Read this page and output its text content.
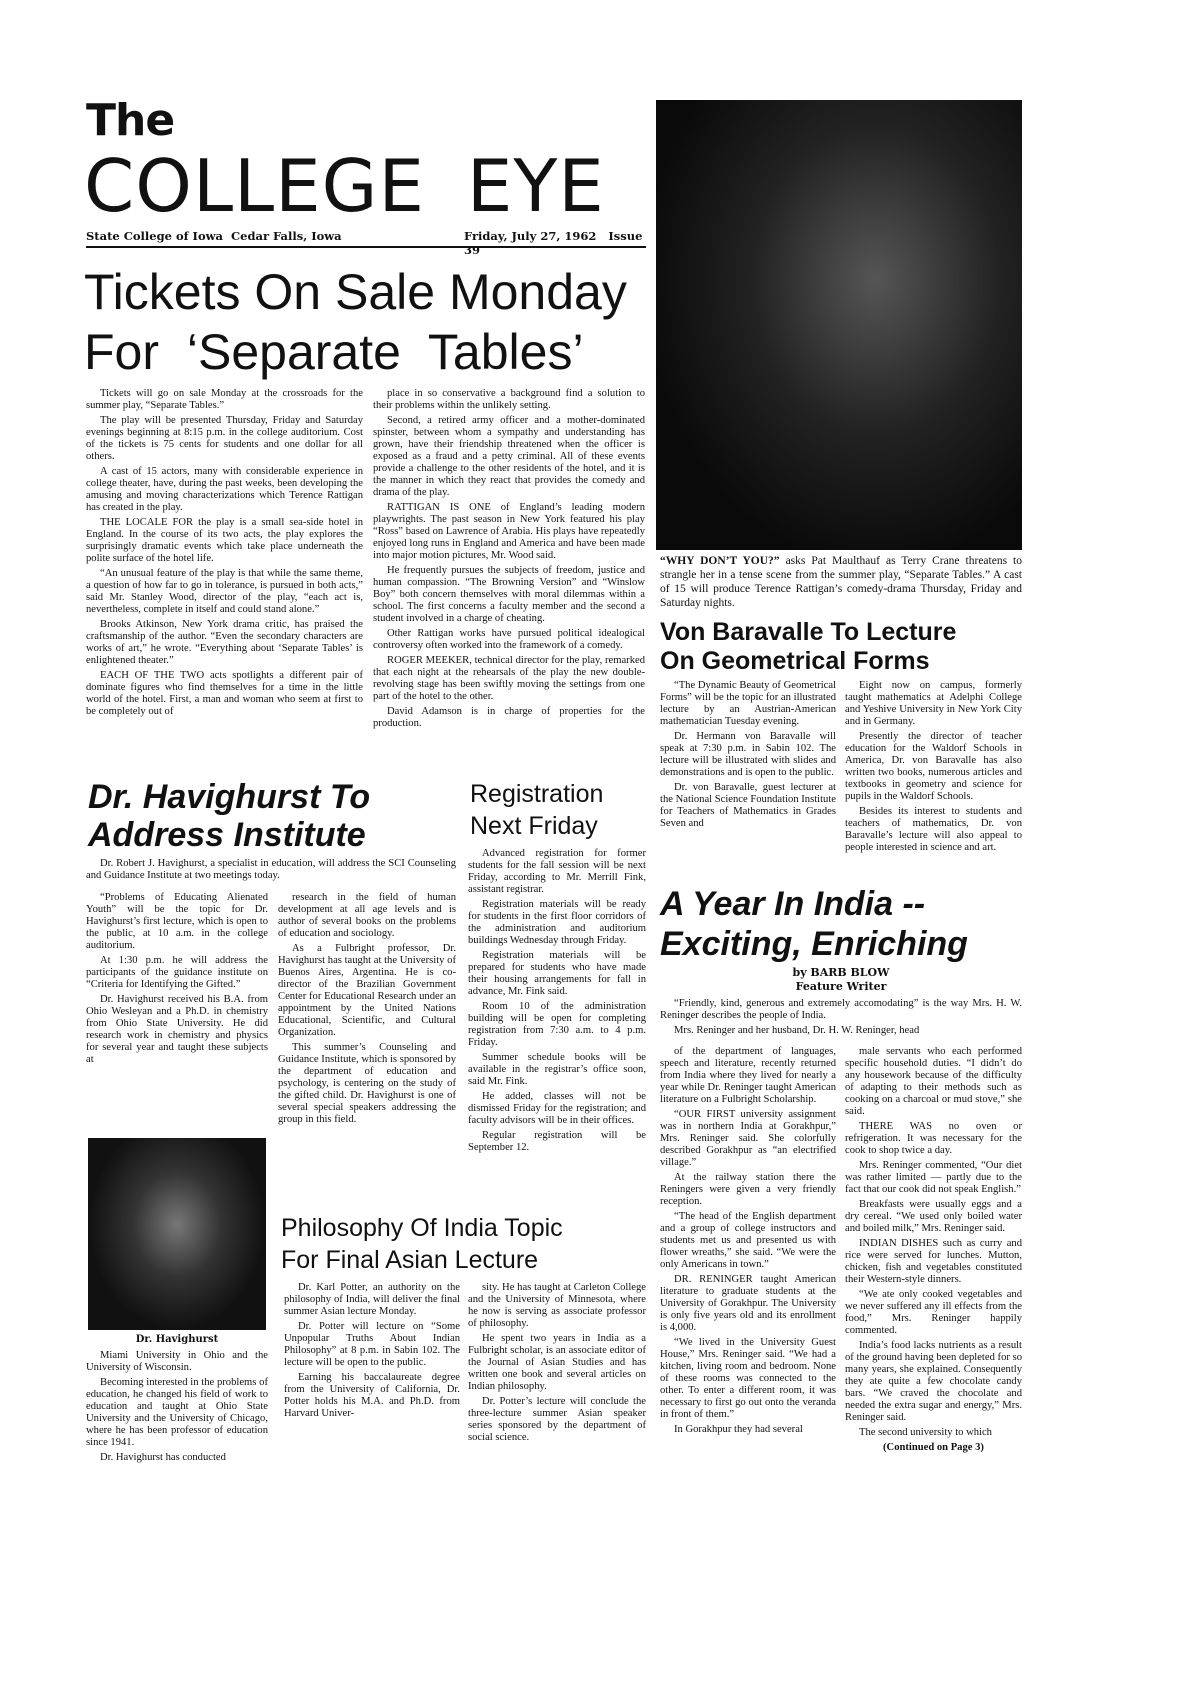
The
COLLEGE EYE
State College of Iowa Cedar Falls, Iowa	Friday, July 27, 1962 Issue 39
Tickets On Sale Monday
For ‘Separate Tables’

Tickets will go on sale Monday at the crossroads for the summer play, “Separate Tables.”

The play will be presented Thursday, Friday and Saturday evenings beginning at 8:15 p.m. in the college auditorium. Cost of the tickets is 75 cents for students and one dollar for all others.

A cast of 15 actors, many with considerable experience in college theater, have, during the past weeks, been developing the amusing and moving characterizations which Terence Rattigan has created in the play.

THE LOCALE FOR the play is a small sea-side hotel in England. In the course of its two acts, the play explores the surprisingly dramatic events which take place underneath the polite surface of the hotel life.

“An unusual feature of the play is that while the same theme, a question of how far to go in tolerance, is pursued in both acts,” said Mr. Stanley Wood, director of the play, “each act is, nevertheless, complete in itself and could stand alone.”

Brooks Atkinson, New York drama critic, has praised the craftsmanship of the author. “Even the secondary characters are works of art,” he wrote. “Everything about ‘Separate Tables’ is enlightened theater.”

EACH OF THE TWO acts spotlights a different pair of dominate figures who find themselves for a time in the little world of the hotel. First, a man and woman who seem at first to be completely out of

place in so conservative a background find a solution to their problems within the unlikely setting.

Second, a retired army officer and a mother-dominated spinster, between whom a sympathy and understanding has grown, have their friendship threatened when the officer is exposed as a fraud and a petty criminal. All of these events provide a challenge to the other residents of the hotel, and it is the manner in which they react that provides the comedy and drama of the play.

RATTIGAN IS ONE of England’s leading modern playwrights. The past season in New York featured his play “Ross” based on Lawrence of Arabia. His plays have repeatedly enjoyed long runs in England and America and have been made into major motion pictures, Mr. Wood said.

He frequently pursues the subjects of freedom, justice and human compassion. “The Browning Version” and “Winslow Boy” both concern themselves with moral dilemmas within a school. The first concerns a faculty member and the second a student involved in a charge of cheating.

Other Rattigan works have pursued political idealogical controversy often worked into the framework of a comedy.

ROGER MEEKER, technical director for the play, remarked that each night at the rehearsals of the play the new double-revolving stage has been swiftly moving the settings from one part of the hotel to the other.

David Adamson is in charge of properties for the production.

“WHY DON’T YOU?” asks Pat Maulthauf as Terry Crane threatens to strangle her in a tense scene from the summer play, “Separate Tables.” A cast of 15 will produce Terence Rattigan’s comedy-drama Thursday, Friday and Saturday nights.
Von Baravalle To Lecture
On Geometrical Forms

“The Dynamic Beauty of Geometrical Forms” will be the topic for an illustrated lecture by an Austrian-American mathematician Tuesday evening.

Dr. Hermann von Baravalle will speak at 7:30 p.m. in Sabin 102. The lecture will be illustrated with slides and demonstrations and is open to the public.

Dr. von Baravalle, guest lecturer at the National Science Foundation Institute for Teachers of Mathematics in Grades Seven and

Eight now on campus, formerly taught mathematics at Adelphi College and Yeshive University in New York City and in Germany.

Presently the director of teacher education for the Waldorf Schools in America, Dr. von Baravalle has also written two books, numerous articles and textbooks in geometry and science for pupils in the Waldorf Schools.

Besides its interest to students and teachers of mathematics, Dr. von Baravalle’s lecture will also appeal to people interested in science and art.

Dr. Havighurst To
Address Institute

Dr. Robert J. Havighurst, a specialist in education, will address the SCI Counseling and Guidance Institute at two meetings today.

“Problems of Educating Alienated Youth” will be the topic for Dr. Havighurst’s first lecture, which is open to the public, at 10 a.m. in the college auditorium.

At 1:30 p.m. he will address the participants of the guidance institute on “Criteria for Identifying the Gifted.”

Dr. Havighurst received his B.A. from Ohio Wesleyan and a Ph.D. in chemistry from Ohio State University. He did research work in chemistry and physics for several year and taught these subjects at

Dr. Havighurst

Miami University in Ohio and the University of Wisconsin.

Becoming interested in the problems of education, he changed his field of work to education and taught at Ohio State University and the University of Chicago, where he has been professor of education since 1941.

Dr. Havighurst has conducted

research in the field of human development at all age levels and is author of several books on the problems of education and sociology.

As a Fulbright professor, Dr. Havighurst has taught at the University of Buenos Aires, Argentina. He is co-director of the Brazilian Government Center for Educational Research under an appointment by the United Nations Educational, Scientific, and Cultural Organization.

This summer’s Counseling and Guidance Institute, which is sponsored by the department of education and psychology, is centering on the study of the gifted child. Dr. Havighurst is one of several special speakers addressing the group in this field.

Registration
Next Friday

Advanced registration for former students for the fall session will be next Friday, according to Mr. Merrill Fink, assistant registrar.

Registration materials will be ready for students in the first floor corridors of the administration and auditorium buildings Wednesday through Friday.

Registration materials will be prepared for students who have made their housing arrangements for fall in advance, Mr. Fink said.

Room 10 of the administration building will be open for completing registration from 7:30 a.m. to 4 p.m. Friday.

Summer schedule books will be available in the registrar’s office soon, said Mr. Fink.

He added, classes will not be dismissed Friday for the registration; and faculty advisors will be in their offices.

Regular registration will be September 12.

Philosophy Of India Topic
For Final Asian Lecture

Dr. Karl Potter, an authority on the philosophy of India, will deliver the final summer Asian lecture Monday.

Dr. Potter will lecture on “Some Unpopular Truths About Indian Philosophy” at 8 p.m. in Sabin 102. The lecture will be open to the public.

Earning his baccalaureate degree from the University of California, Dr. Potter holds his M.A. and Ph.D. from Harvard Univer-

sity. He has taught at Carleton College and the University of Minnesota, where he now is serving as associate professor of philosophy.

He spent two years in India as a Fulbright scholar, is an associate editor of the Journal of Asian Studies and has written one book and several articles on Indian philosophy.

Dr. Potter’s lecture will conclude the three-lecture summer Asian speaker series sponsored by the department of social science.

A Year In India --
Exciting, Enriching
by BARB BLOW
Feature Writer

“Friendly, kind, generous and extremely accomodating” is the way Mrs. H. W. Reninger describes the people of India.

Mrs. Reninger and her husband, Dr. H. W. Reninger, head

of the department of languages, speech and literature, recently returned from India where they lived for nearly a year while Dr. Reninger taught American literature on a Fulbright Scholarship.

“OUR FIRST university assignment was in northern India at Gorakhpur,” Mrs. Reninger said. She colorfully described Gorakhpur as “an electrified village.”

At the railway station there the Reningers were given a very friendly reception.

“The head of the English department and a group of college instructors and students met us and presented us with flower wreaths,” she said. “We were the only Americans in town.”

DR. RENINGER taught American literature to graduate students at the University of Gorakhpur. The University is only five years old and its enrollment is 4,000.

“We lived in the University Guest House,” Mrs. Reninger said. “We had a kitchen, living room and bedroom. None of these rooms was connected to the other. To enter a different room, it was necessary to first go out onto the veranda in front of them.”

In Gorakhpur they had several

male servants who each performed specific household duties. “I didn’t do any housework because of the difficulty of adapting to their methods such as cooking on a charcoal or mud stove,” she said.

THERE WAS no oven or refrigeration. It was necessary for the cook to shop twice a day.

Mrs. Reninger commented, “Our diet was rather limited — partly due to the fact that our cook did not speak English.”

Breakfasts were usually eggs and a dry cereal. “We used only boiled water and boiled milk,” Mrs. Reninger said.

INDIAN DISHES such as curry and rice were served for lunches. Mutton, chicken, fish and vegetables constituted their Western-style dinners.

“We ate only cooked vegetables and we never suffered any ill effects from the food,” Mrs. Reninger happily commented.

India’s food lacks nutrients as a result of the ground having been depleted for so many years, she explained. Consequently they ate quite a few chocolate candy bars. “We craved the chocolate and needed the extra sugar and energy,” Mrs. Reninger said.

The second university to which

(Continued on Page 3)
